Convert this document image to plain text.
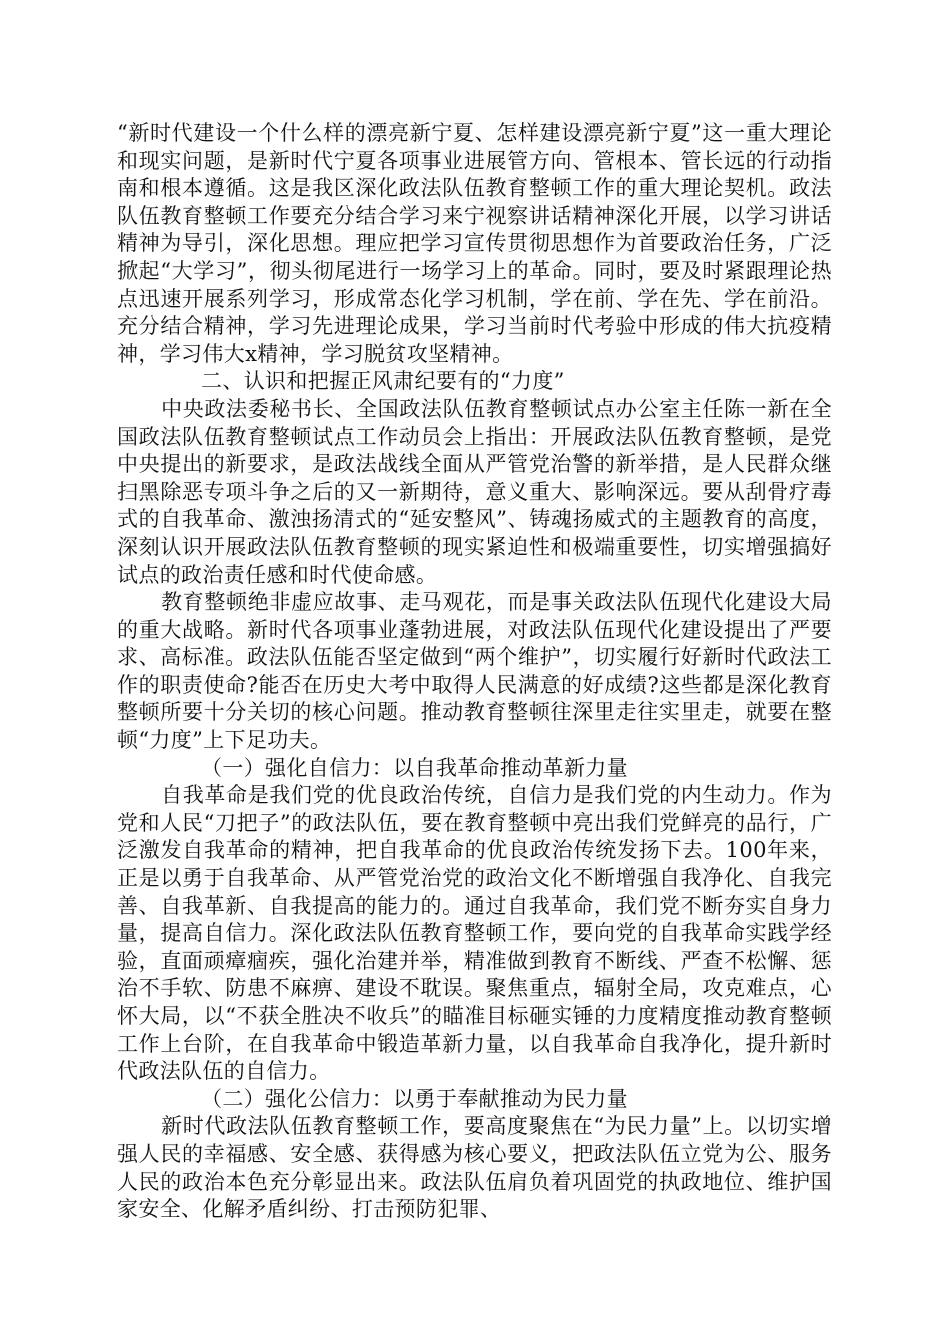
“新时代建设一个什么样的漂亮新宁夏、怎样建设漂亮新宁夏”这一重大理论和现实问题，是新时代宁夏各项事业进展管方向、管根本、管长远的行动指南和根本遵循。这是我区深化政法队伍教育整顿工作的重大理论契机。政法队伍教育整顿工作要充分结合学习来宁视察讲话精神深化开展，以学习讲话精神为导引，深化思想。理应把学习宣传贯彻思想作为首要政治任务，广泛掀起“大学习”，彻头彻尾进行一场学习上的革命。同时，要及时紧跟理论热点迅速开展系列学习，形成常态化学习机制，学在前、学在先、学在前沿。充分结合精神，学习先进理论成果，学习当前时代考验中形成的伟大抗疫精神，学习伟大x精神，学习脱贫攻坚精神。

二、认识和把握正风肃纪要有的“力度”

中央政法委秘书长、全国政法队伍教育整顿试点办公室主任陈一新在全国政法队伍教育整顿试点工作动员会上指出：开展政法队伍教育整顿，是党中央提出的新要求，是政法战线全面从严管党治警的新举措，是人民群众继扫黑除恶专项斗争之后的又一新期待，意义重大、影响深远。要从刮骨疗毒式的自我革命、激浊扬清式的“延安整风”、铸魂扬威式的主题教育的高度，深刻认识开展政法队伍教育整顿的现实紧迫性和极端重要性，切实增强搞好试点的政治责任感和时代使命感。

教育整顿绝非虚应故事、走马观花，而是事关政法队伍现代化建设大局的重大战略。新时代各项事业蓬勃进展，对政法队伍现代化建设提出了严要求、高标准。政法队伍能否坚定做到“两个维护”，切实履行好新时代政法工作的职责使命?能否在历史大考中取得人民满意的好成绩?这些都是深化教育整顿所要十分关切的核心问题。推动教育整顿往深里走往实里走，就要在整顿“力度”上下足功夫。

（一）强化自信力：以自我革命推动革新力量

自我革命是我们党的优良政治传统，自信力是我们党的内生动力。作为党和人民“刀把子”的政法队伍，要在教育整顿中亮出我们党鲜亮的品行，广泛激发自我革命的精神，把自我革命的优良政治传统发扬下去。100年来，正是以勇于自我革命、从严管党治党的政治文化不断增强自我净化、自我完善、自我革新、自我提高的能力的。通过自我革命，我们党不断夯实自身力量，提高自信力。深化政法队伍教育整顿工作，要向党的自我革命实践学经验，直面顽瘴痼疾，强化治建并举，精准做到教育不断线、严查不松懈、惩治不手软、防患不麻痹、建设不耽误。聚焦重点，辐射全局，攻克难点，心怀大局，以“不获全胜决不收兵”的瞄准目标砸实锤的力度精度推动教育整顿工作上台阶，在自我革命中锻造革新力量，以自我革命自我净化，提升新时代政法队伍的自信力。

（二）强化公信力：以勇于奉献推动为民力量

新时代政法队伍教育整顿工作，要高度聚焦在“为民力量”上。以切实增强人民的幸福感、安全感、获得感为核心要义，把政法队伍立党为公、服务人民的政治本色充分彰显出来。政法队伍肩负着巩固党的执政地位、维护国家安全、化解矛盾纠纷、打击预防犯罪、
